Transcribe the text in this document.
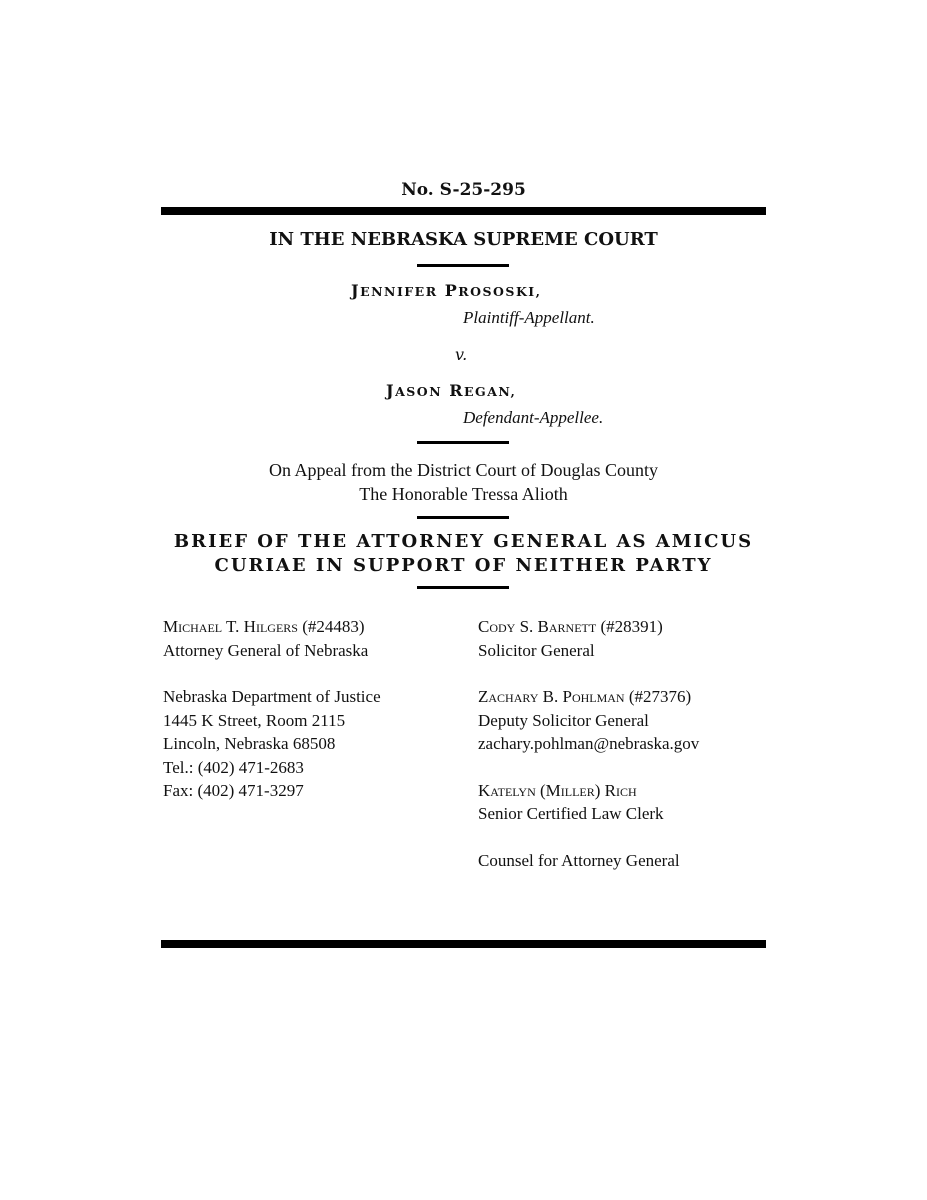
No. S-25-295
IN THE NEBRASKA SUPREME COURT
JENNIFER PROSOSKI,
Plaintiff-Appellant.
v.
JASON REGAN,
Defendant-Appellee.
On Appeal from the District Court of Douglas County
The Honorable Tressa Alioth
BRIEF OF THE ATTORNEY GENERAL AS AMICUS
CURIAE IN SUPPORT OF NEITHER PARTY
Michael T. Hilgers (#24483)
Attorney General of Nebraska
Nebraska Department of Justice
1445 K Street, Room 2115
Lincoln, Nebraska 68508
Tel.: (402) 471-2683
Fax: (402) 471-3297
Cody S. Barnett (#28391)
Solicitor General
Zachary B. Pohlman (#27376)
Deputy Solicitor General
zachary.pohlman@nebraska.gov
Katelyn (Miller) Rich
Senior Certified Law Clerk
Counsel for Attorney General
